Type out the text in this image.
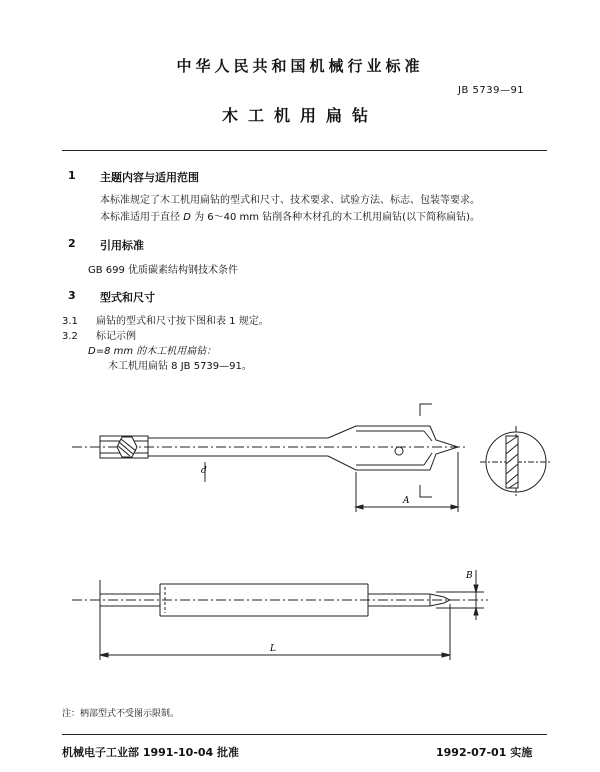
中华人民共和国机械行业标准
JB 5739—91
木工机用扁钻
1 主题内容与适用范围
本标准规定了木工机用扁钻的型式和尺寸、技术要求、试验方法、标志、包装等要求。
本标准适用于直径 D 为 6～40 mm 钻削各种木材孔的木工机用扁钻(以下简称扁钻)。
2 引用标准
GB 699 优质碳素结构钢技术条件
3 型式和尺寸
3.1 扁钻的型式和尺寸按下图和表 1 规定。
3.2 标记示例
D=8 mm 的木工机用扁钻：
木工机用扁钻 8 JB 5739—91。
d
A
L
B
注：柄部型式不受图示限制。
机械电子工业部 1991-10-04 批准	1992-07-01 实施
